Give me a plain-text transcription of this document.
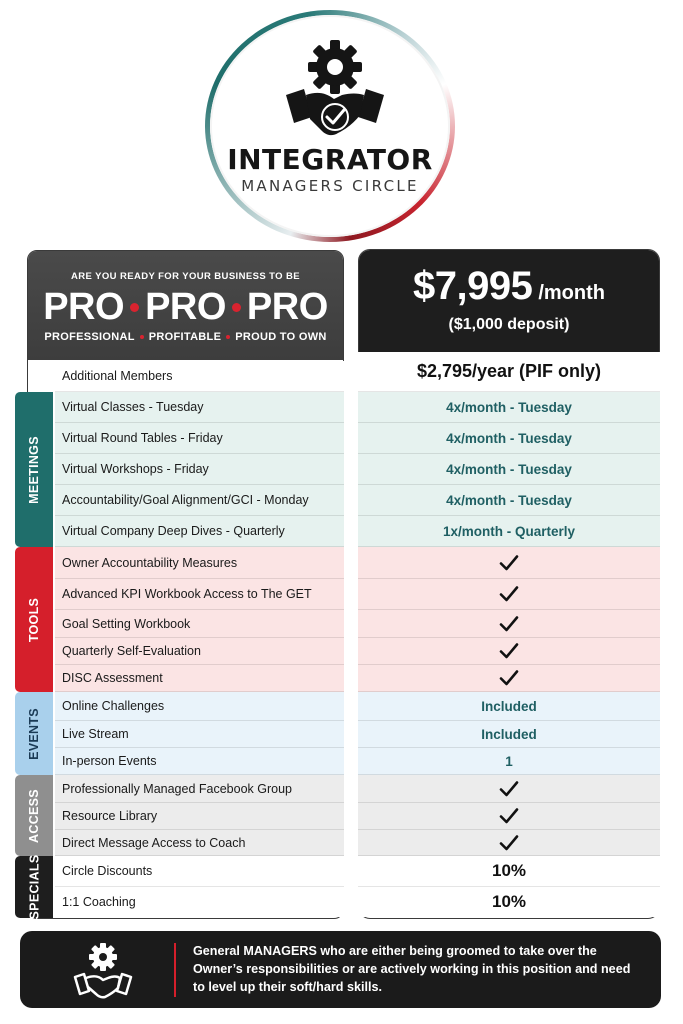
INTEGRATOR
MANAGERS CIRCLE
ARE YOU READY FOR YOUR BUSINESS TO BE
PRO PRO PRO
PROFESSIONAL PROFITABLE PROUD TO OWN
$7,995 /month
($1,000 deposit)
MEETINGS
TOOLS
EVENTS
ACCESS
SPECIALS
Additional Members
Virtual Classes - Tuesday
Virtual Round Tables - Friday
Virtual Workshops - Friday
Accountability/Goal Alignment/GCI - Monday
Virtual Company Deep Dives - Quarterly
Owner Accountability Measures
Advanced KPI Workbook Access to The GET
Goal Setting Workbook
Quarterly Self-Evaluation
DISC Assessment
Online Challenges
Live Stream
In-person Events
Professionally Managed Facebook Group
Resource Library
Direct Message Access to Coach
Circle Discounts
1:1 Coaching
$2,795/year (PIF only)
4x/month - Tuesday
4x/month - Tuesday
4x/month - Tuesday
4x/month - Tuesday
1x/month - Quarterly
Included
Included
1
10%
10%
General MANAGERS who are either being groomed to take over the Owner’s responsibilities or are actively working in this position and need to level up their soft/hard skills.
